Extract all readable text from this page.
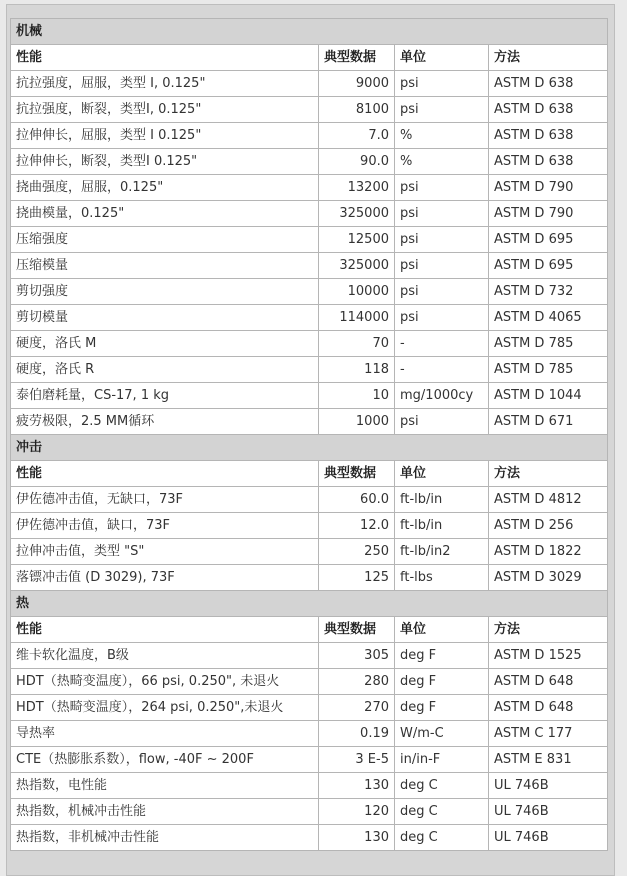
机械			
性能	典型数据	单位	方法
抗拉强度，屈服，类型 I, 0.125"	9000	psi	ASTM D 638
抗拉强度，断裂，类型I, 0.125"	8100	psi	ASTM D 638
拉伸伸长，屈服，类型 I 0.125"	7.0	%	ASTM D 638
拉伸伸长，断裂，类型I 0.125"	90.0	%	ASTM D 638
挠曲强度，屈服，0.125"	13200	psi	ASTM D 790
挠曲模量，0.125"	325000	psi	ASTM D 790
压缩强度	12500	psi	ASTM D 695
压缩模量	325000	psi	ASTM D 695
剪切强度	10000	psi	ASTM D 732
剪切模量	114000	psi	ASTM D 4065
硬度，洛氏 M	70	-	ASTM D 785
硬度，洛氏 R	118	-	ASTM D 785
泰伯磨耗量，CS-17, 1 kg	10	mg/1000cy	ASTM D 1044
疲劳极限，2.5 MM循环	1000	psi	ASTM D 671
冲击			
性能	典型数据	单位	方法
伊佐德冲击值，无缺口，73F	60.0	ft-lb/in	ASTM D 4812
伊佐德冲击值，缺口，73F	12.0	ft-lb/in	ASTM D 256
拉伸冲击值，类型 "S"	250	ft-lb/in2	ASTM D 1822
落镖冲击值 (D 3029), 73F	125	ft-lbs	ASTM D 3029
热			
性能	典型数据	单位	方法
维卡软化温度，B级	305	deg F	ASTM D 1525
HDT（热畸变温度），66 psi, 0.250", 未退火	280	deg F	ASTM D 648
HDT（热畸变温度），264 psi, 0.250",未退火	270	deg F	ASTM D 648
导热率	0.19	W/m-C	ASTM C 177
CTE（热膨胀系数），flow, -40F ~ 200F	3 E-5	in/in-F	ASTM E 831
热指数，电性能	130	deg C	UL 746B
热指数，机械冲击性能	120	deg C	UL 746B
热指数，非机械冲击性能	130	deg C	UL 746B
